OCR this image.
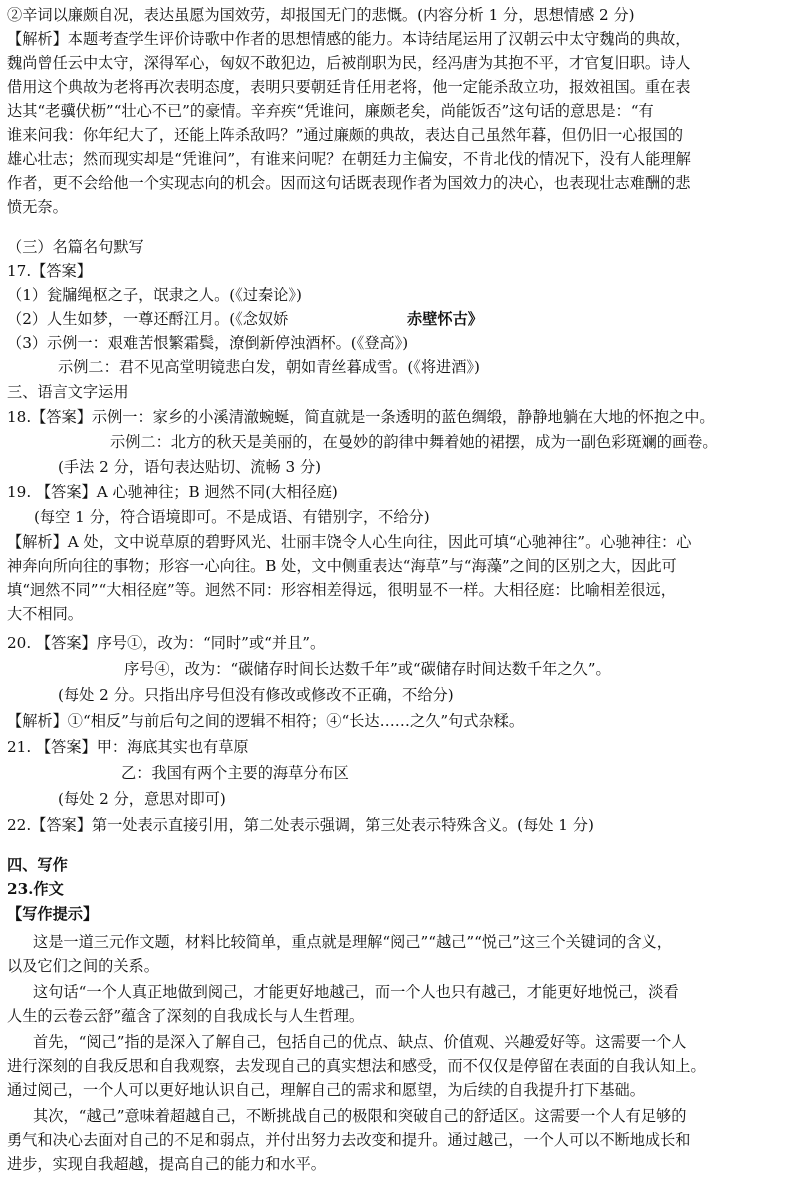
②辛词以廉颇自况，表达虽愿为国效劳，却报国无门的悲慨。(内容分析 1 分，思想情感 2 分)
【解析】本题考查学生评价诗歌中作者的思想情感的能力。本诗结尾运用了汉朝云中太守魏尚的典故，
魏尚曾任云中太守，深得军心，匈奴不敢犯边，后被削职为民，经冯唐为其抱不平，才官复旧职。诗人
借用这个典故为老将再次表明态度，表明只要朝廷肯任用老将，他一定能杀敌立功，报效祖国。重在表
达其“老骥伏枥”“壮心不已”的豪情。辛弃疾“凭谁问，廉颇老矣，尚能饭否”这句话的意思是：“有
谁来问我：你年纪大了，还能上阵杀敌吗？”通过廉颇的典故，表达自己虽然年暮，但仍旧一心报国的
雄心壮志；然而现实却是“凭谁问”，有谁来问呢？在朝廷力主偏安，不肯北伐的情况下，没有人能理解
作者，更不会给他一个实现志向的机会。因而这句话既表现作者为国效力的决心，也表现壮志难酬的悲
愤无奈。
（三）名篇名句默写
17.【答案】
（1）瓮牖绳枢之子，氓隶之人。(《过秦论》)
（2）人生如梦，一尊还酹江月。(《念奴娇	赤壁怀古》
（3）示例一：艰难苦恨繁霜鬓，潦倒新停浊酒杯。(《登高》)
示例二：君不见高堂明镜悲白发，朝如青丝暮成雪。(《将进酒》)
三、语言文字运用
18.【答案】示例一：家乡的小溪清澈蜿蜒，简直就是一条透明的蓝色绸缎，静静地躺在大地的怀抱之中。
示例二：北方的秋天是美丽的，在曼妙的韵律中舞着她的裙摆，成为一副色彩斑斓的画卷。
(手法 2 分，语句表达贴切、流畅 3 分)
19. 【答案】A 心驰神往；B 迥然不同(大相径庭)
(每空 1 分，符合语境即可。不是成语、有错别字，不给分)
【解析】A 处，文中说草原的碧野风光、壮丽丰饶令人心生向往，因此可填“心驰神往”。心驰神往：心
神奔向所向往的事物；形容一心向往。B 处，文中侧重表达“海草”与“海藻”之间的区别之大，因此可
填“迥然不同”“大相径庭”等。迥然不同：形容相差得远，很明显不一样。大相径庭：比喻相差很远，
大不相同。
20. 【答案】序号①，改为：“同时”或“并且”。
序号④，改为：“碳储存时间长达数千年”或“碳储存时间达数千年之久”。
(每处 2 分。只指出序号但没有修改或修改不正确，不给分)
【解析】①“相反”与前后句之间的逻辑不相符；④“长达……之久”句式杂糅。
21. 【答案】甲：海底其实也有草原
乙：我国有两个主要的海草分布区
(每处 2 分，意思对即可)
22.【答案】第一处表示直接引用，第二处表示强调，第三处表示特殊含义。(每处 1 分)
四、写作
23.作文
【写作提示】
这是一道三元作文题，材料比较简单，重点就是理解“阅己”“越己”“悦己”这三个关键词的含义，
以及它们之间的关系。
这句话“一个人真正地做到阅己，才能更好地越己，而一个人也只有越己，才能更好地悦己，淡看
人生的云卷云舒”蕴含了深刻的自我成长与人生哲理。
首先，“阅己”指的是深入了解自己，包括自己的优点、缺点、价值观、兴趣爱好等。这需要一个人
进行深刻的自我反思和自我观察，去发现自己的真实想法和感受，而不仅仅是停留在表面的自我认知上。
通过阅己，一个人可以更好地认识自己，理解自己的需求和愿望，为后续的自我提升打下基础。
其次，“越己”意味着超越自己，不断挑战自己的极限和突破自己的舒适区。这需要一个人有足够的
勇气和决心去面对自己的不足和弱点，并付出努力去改变和提升。通过越己，一个人可以不断地成长和
进步，实现自我超越，提高自己的能力和水平。
